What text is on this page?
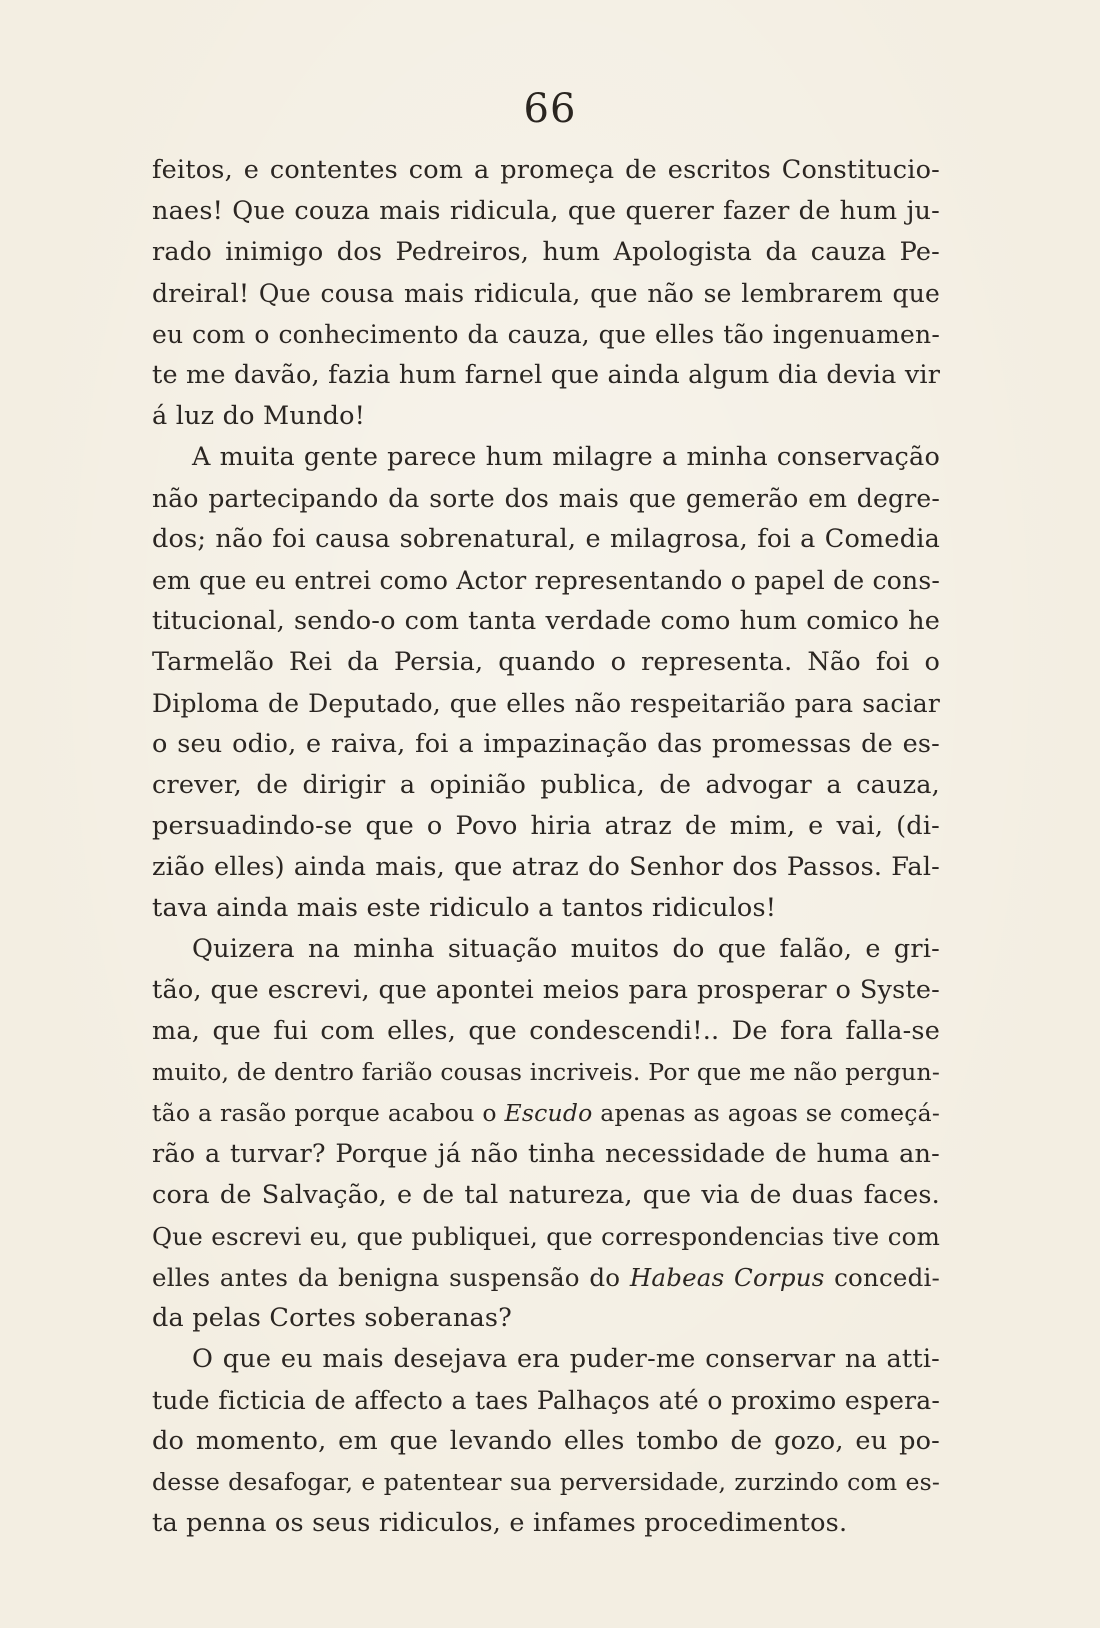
66
feitos, e contentes com a promeça de escritos Constitucio-
naes! Que couza mais ridicula, que querer fazer de hum ju-
rado inimigo dos Pedreiros, hum Apologista da cauza Pe-
dreiral! Que cousa mais ridicula, que não se lembrarem que
eu com o conhecimento da cauza, que elles tão ingenuamen-
te me davão, fazia hum farnel que ainda algum dia devia vir
á luz do Mundo!
A muita gente parece hum milagre a minha conservação
não partecipando da sorte dos mais que gemerão em degre-
dos; não foi causa sobrenatural, e milagrosa, foi a Comedia
em que eu entrei como Actor representando o papel de cons-
titucional, sendo-o com tanta verdade como hum comico he
Tarmelão Rei da Persia, quando o representa. Não foi o
Diploma de Deputado, que elles não respeitarião para saciar
o seu odio, e raiva, foi a impazinação das promessas de es-
crever, de dirigir a opinião publica, de advogar a cauza,
persuadindo-se que o Povo hiria atraz de mim, e vai, (di-
zião elles) ainda mais, que atraz do Senhor dos Passos. Fal-
tava ainda mais este ridiculo a tantos ridiculos!
Quizera na minha situação muitos do que falão, e gri-
tão, que escrevi, que apontei meios para prosperar o Syste-
ma, que fui com elles, que condescendi!.. De fora falla-se
muito, de dentro farião cousas incriveis. Por que me não pergun-
tão a rasão porque acabou o Escudo apenas as agoas se começá-
rão a turvar? Porque já não tinha necessidade de huma an-
cora de Salvação, e de tal natureza, que via de duas faces.
Que escrevi eu, que publiquei, que correspondencias tive com
elles antes da benigna suspensão do Habeas Corpus concedi-
da pelas Cortes soberanas?
O que eu mais desejava era puder-me conservar na atti-
tude ficticia de affecto a taes Palhaços até o proximo espera-
do momento, em que levando elles tombo de gozo, eu po-
desse desafogar, e patentear sua perversidade, zurzindo com es-
ta penna os seus ridiculos, e infames procedimentos.
